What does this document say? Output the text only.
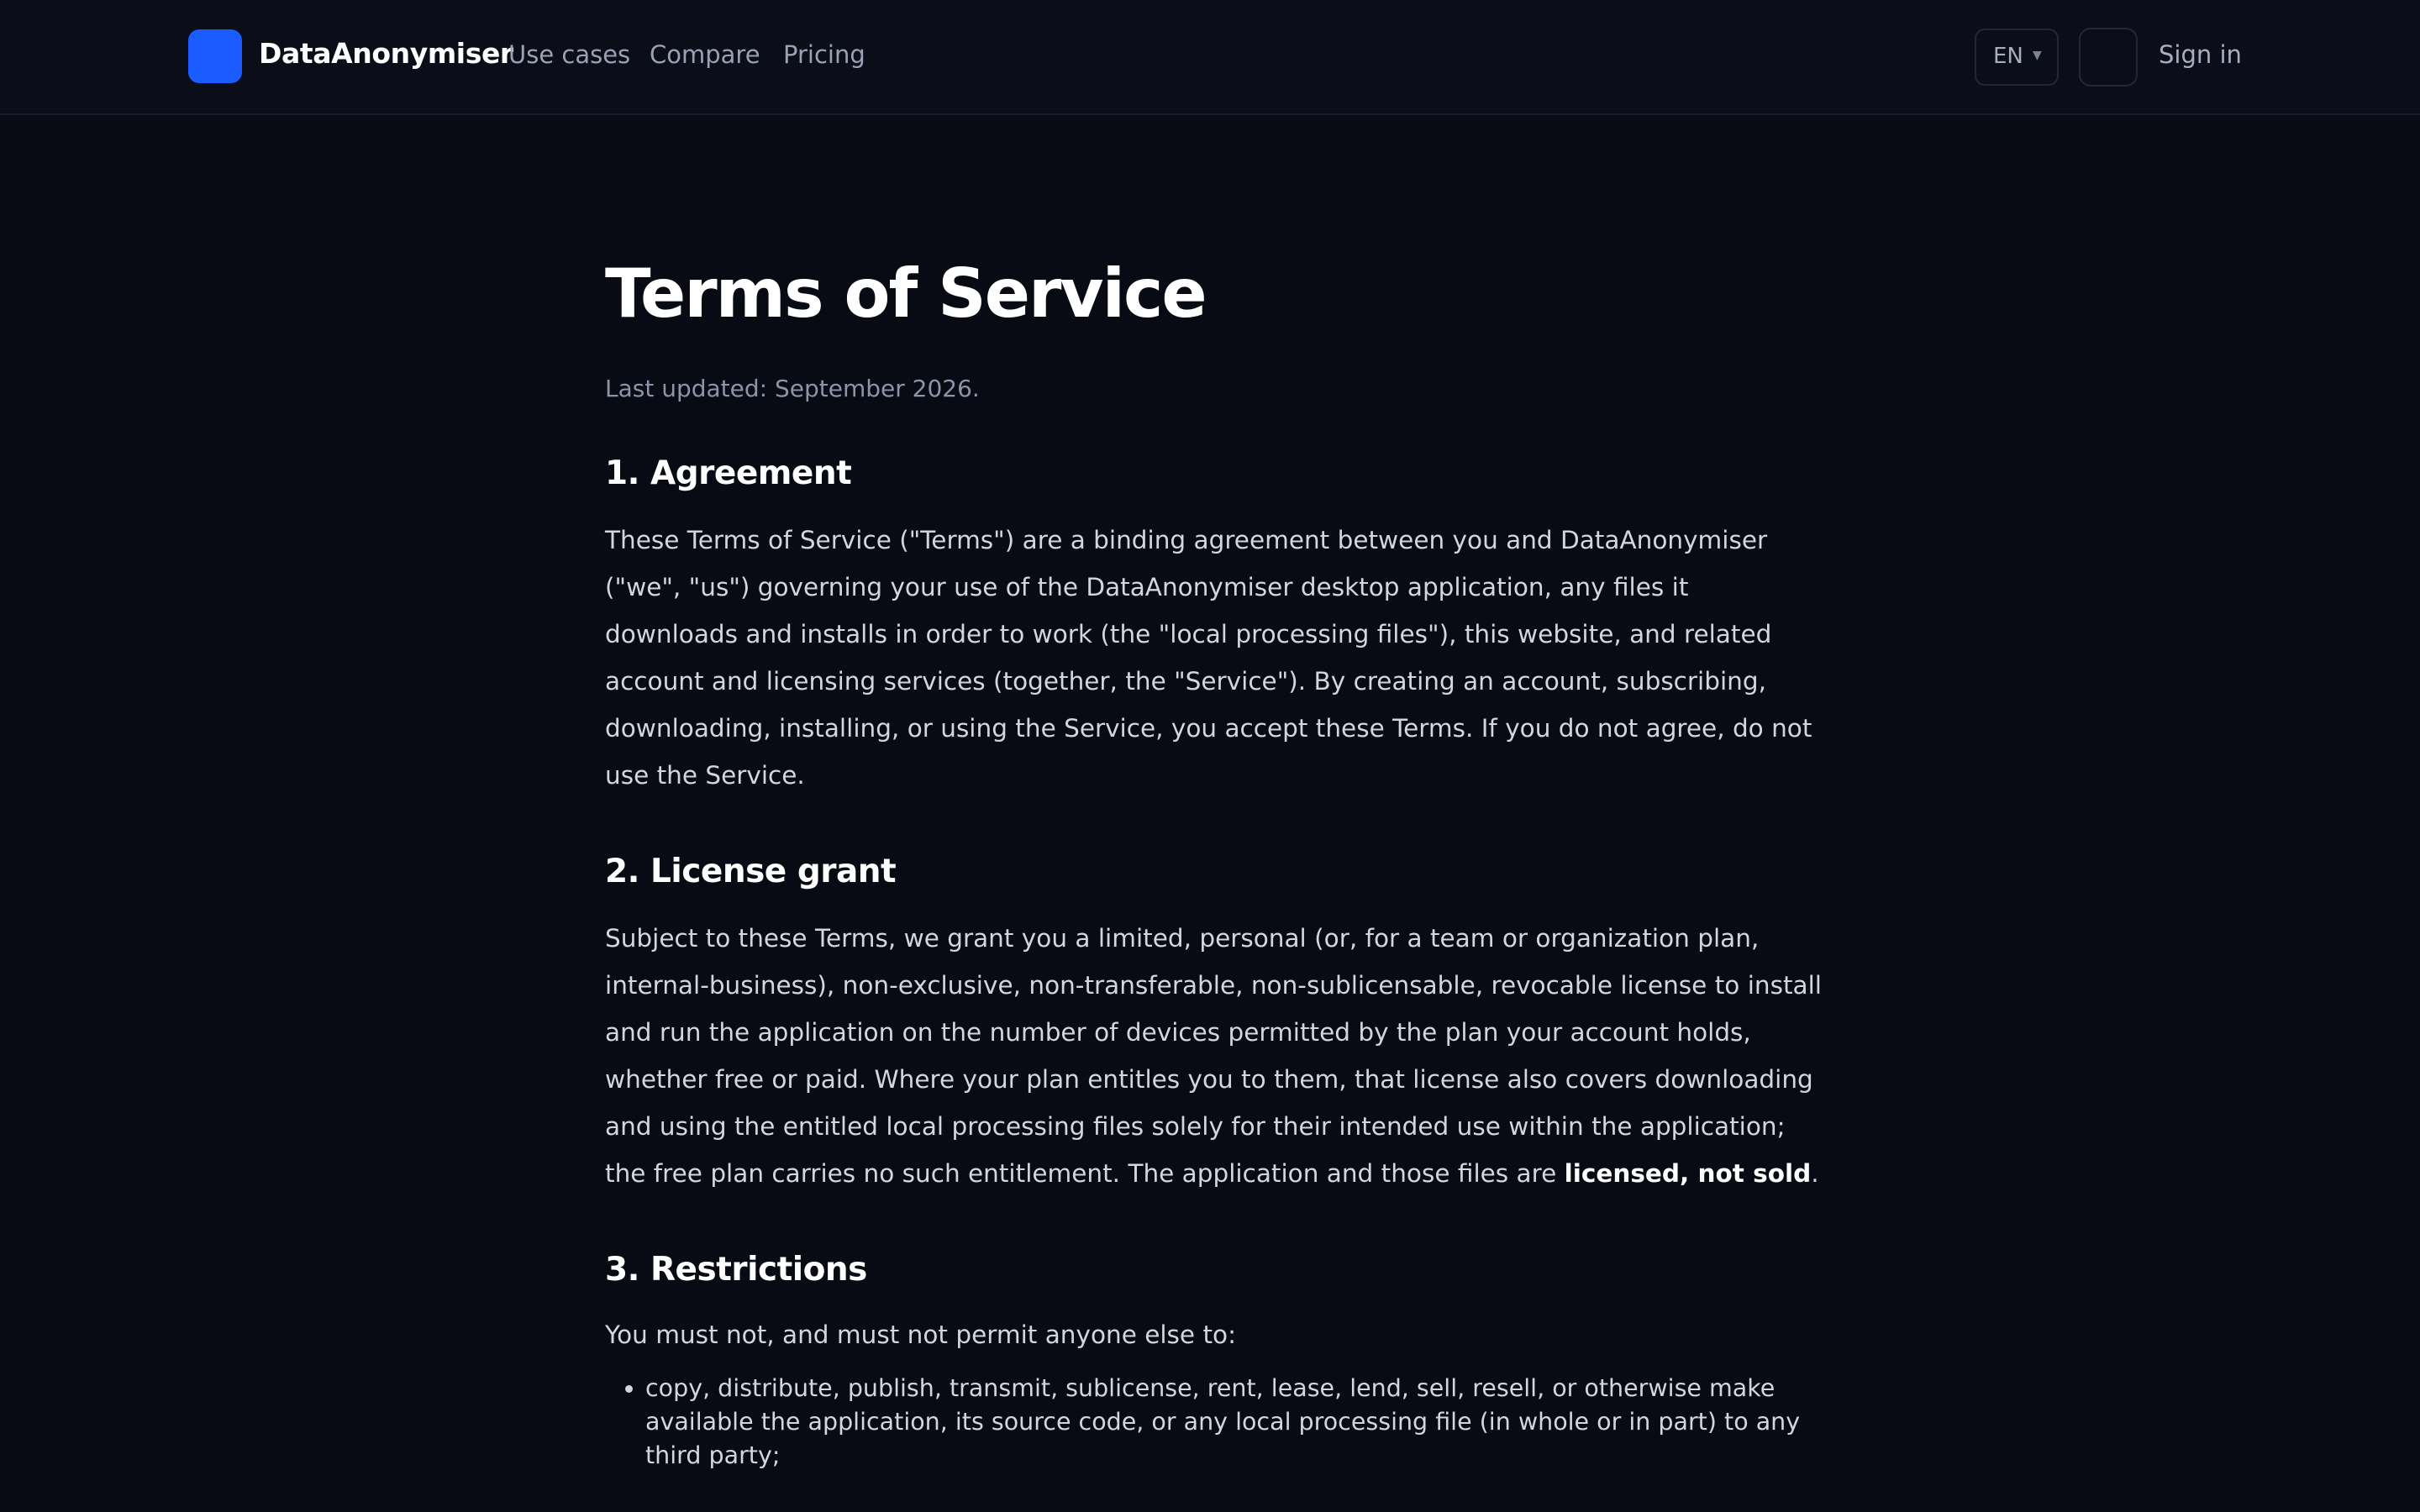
DataAnonymiser
Use cases Compare Pricing	EN ▼	Sign in
Terms of Service
Last updated: September 2026.
1. Agreement

These Terms of Service ("Terms") are a binding agreement between you and DataAnonymiser ("we", "us") governing your use of the DataAnonymiser desktop application, any files it downloads and installs in order to work (the "local processing files"), this website, and related account and licensing services (together, the "Service"). By creating an account, subscribing, downloading, installing, or using the Service, you accept these Terms. If you do not agree, do not use the Service.

2. License grant

Subject to these Terms, we grant you a limited, personal (or, for a team or organization plan, internal-business), non-exclusive, non-transferable, non-sublicensable, revocable license to install and run the application on the number of devices permitted by the plan your account holds, whether free or paid. Where your plan entitles you to them, that license also covers downloading and using the entitled local processing files solely for their intended use within the application; the free plan carries no such entitlement. The application and those files are licensed, not sold.

3. Restrictions

You must not, and must not permit anyone else to:

• copy, distribute, publish, transmit, sublicense, rent, lease, lend, sell, resell, or otherwise make available the application, its source code, or any local processing file (in whole or in part) to any third party;
